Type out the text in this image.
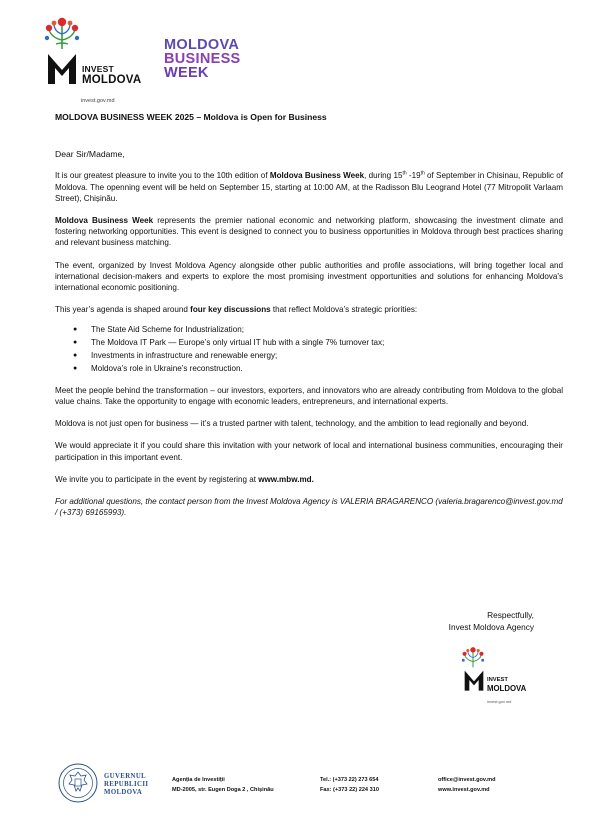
INVEST
MOLDOVA
invest.gov.md
MOLDOVA
BUSINESS
WEEK
MOLDOVA BUSINESS WEEK 2025 – Moldova is Open for Business
Dear Sir/Madame,

It is our greatest pleasure to invite you to the 10th edition of Moldova Business Week, during 15th -19th of September in Chisinau, Republic of Moldova. The openning event will be held on September 15, starting at 10:00 AM, at the Radisson Blu Leogrand Hotel (77 Mitropolit Varlaam Street), Chișinău.

Moldova Business Week represents the premier national economic and networking platform, showcasing the investment climate and fostering networking opportunities. This event is designed to connect you to business opportunities in Moldova through best practices sharing and relevant business matching.

The event, organized by Invest Moldova Agency alongside other public authorities and profile associations, will bring together local and international decision-makers and experts to explore the most promising investment opportunities and solutions for enhancing Moldova's international economic positioning.

This year’s agenda is shaped around four key discussions that reflect Moldova’s strategic priorities:

● The State Aid Scheme for Industrialization;
● The Moldova IT Park — Europe’s only virtual IT hub with a single 7% turnover tax;
● Investments in infrastructure and renewable energy;
● Moldova’s role in Ukraine’s reconstruction.

Meet the people behind the transformation – our investors, exporters, and innovators who are already contributing from Moldova to the global value chains. Take the opportunity to engage with economic leaders, entrepreneurs, and international experts.

Moldova is not just open for business — it’s a trusted partner with talent, technology, and the ambition to lead regionally and beyond.

We would appreciate it if you could share this invitation with your network of local and international business communities, encouraging their participation in this important event.

We invite you to participate in the event by registering at www.mbw.md.

For additional questions, the contact person from the Invest Moldova Agency is VALERIA BRAGARENCO (valeria.bragarenco@invest.gov.md / (+373) 69165993).

Respectfully,
Invest Moldova Agency
INVEST
MOLDOVA
invest.gov.md
GUVERNUL
REPUBLICII
MOLDOVA
Agenția de Investiții
MD-2005, str. Eugen Doga 2 , Chișinău
Tel.: (+373 22) 273 654
Fax: (+373 22) 224 310
office@invest.gov.md
www.invest.gov.md
